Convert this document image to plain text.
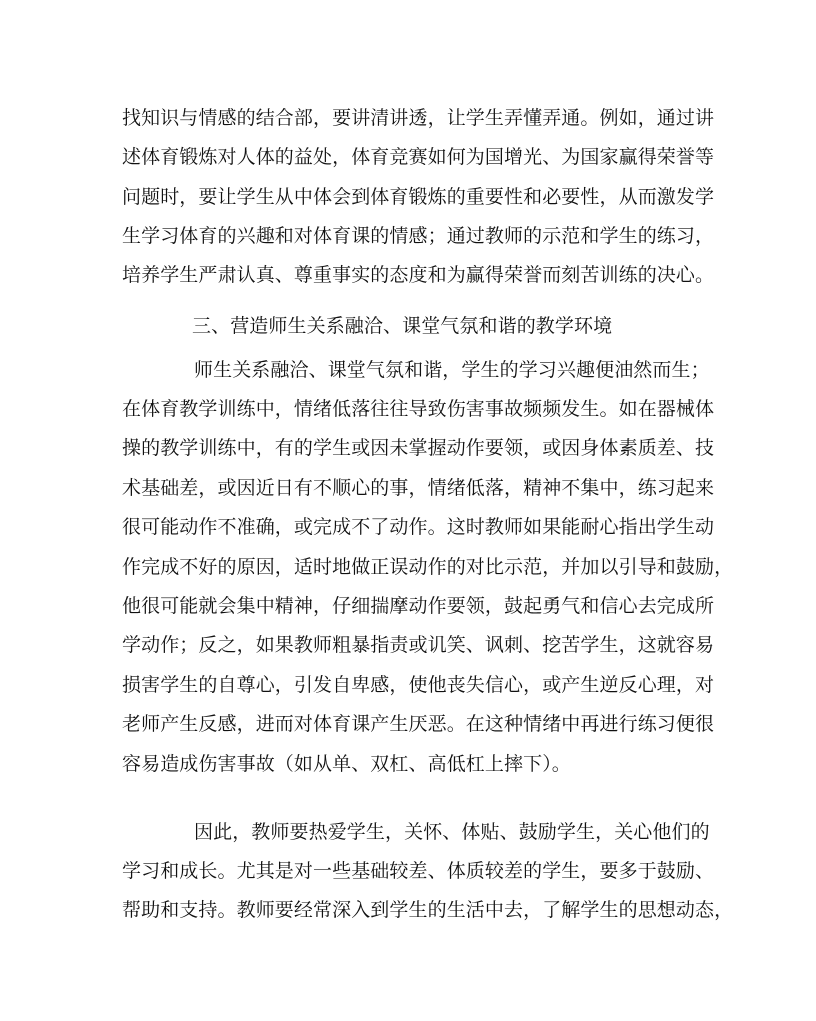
找知识与情感的结合部，要讲清讲透，让学生弄懂弄通。例如，通过讲
述体育锻炼对人体的益处，体育竞赛如何为国增光、为国家赢得荣誉等
问题时，要让学生从中体会到体育锻炼的重要性和必要性，从而激发学
生学习体育的兴趣和对体育课的情感；通过教师的示范和学生的练习，
培养学生严肃认真、尊重事实的态度和为赢得荣誉而刻苦训练的决心。
三、营造师生关系融洽、课堂气氛和谐的教学环境
师生关系融洽、课堂气氛和谐，学生的学习兴趣便油然而生；
在体育教学训练中，情绪低落往往导致伤害事故频频发生。如在器械体
操的教学训练中，有的学生或因未掌握动作要领，或因身体素质差、技
术基础差，或因近日有不顺心的事，情绪低落，精神不集中，练习起来
很可能动作不准确，或完成不了动作。这时教师如果能耐心指出学生动
作完成不好的原因，适时地做正误动作的对比示范，并加以引导和鼓励，
他很可能就会集中精神，仔细揣摩动作要领，鼓起勇气和信心去完成所
学动作；反之，如果教师粗暴指责或讥笑、讽刺、挖苦学生，这就容易
损害学生的自尊心，引发自卑感，使他丧失信心，或产生逆反心理，对
老师产生反感，进而对体育课产生厌恶。在这种情绪中再进行练习便很
容易造成伤害事故（如从单、双杠、高低杠上摔下）。
因此，教师要热爱学生，关怀、体贴、鼓励学生，关心他们的
学习和成长。尤其是对一些基础较差、体质较差的学生，要多于鼓励、
帮助和支持。教师要经常深入到学生的生活中去，了解学生的思想动态，
